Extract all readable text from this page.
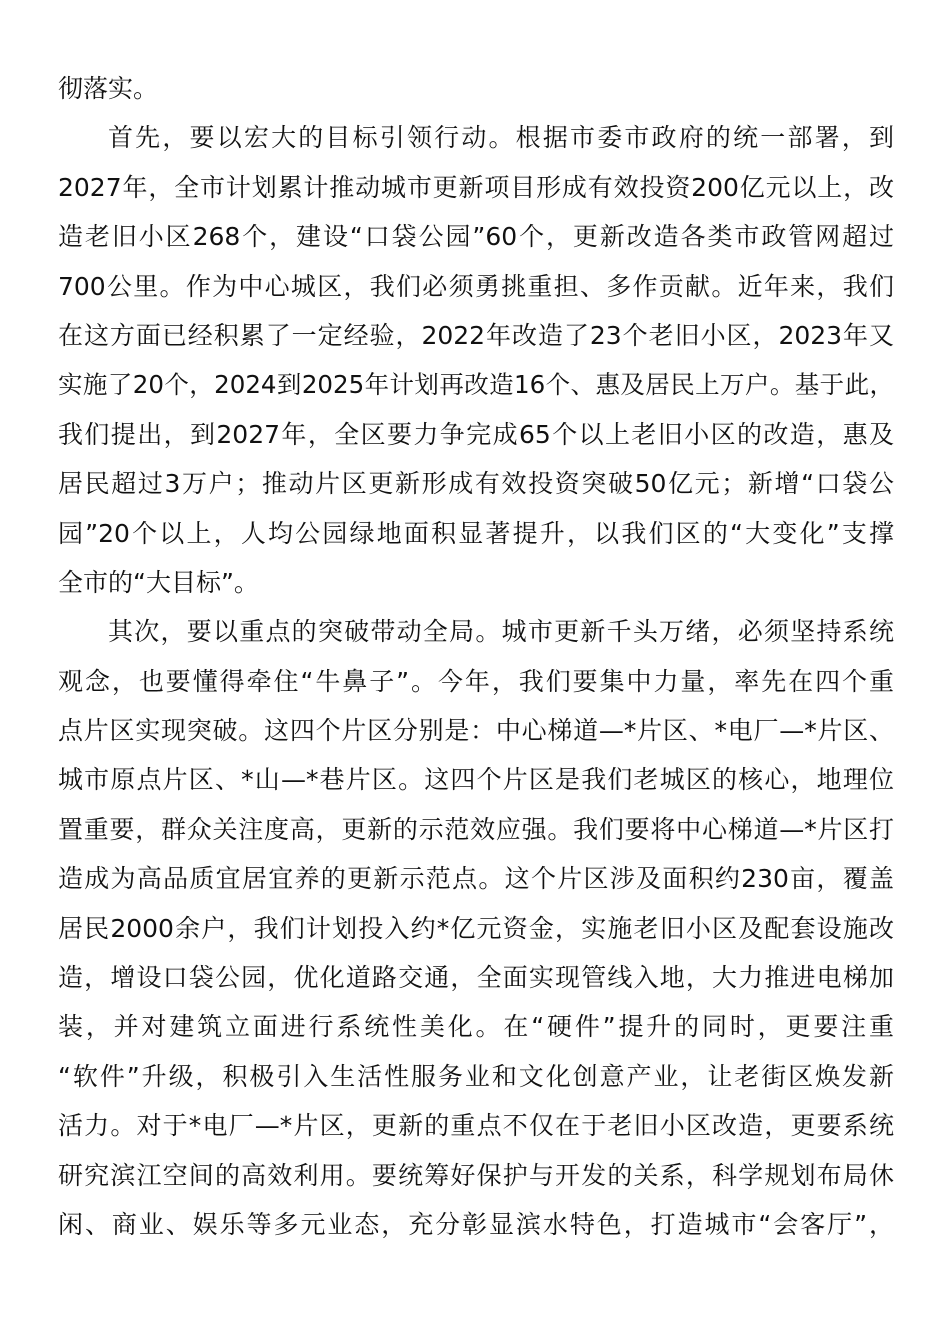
彻落实。
首先，要以宏大的目标引领行动。根据市委市政府的统一部署，到
2027年，全市计划累计推动城市更新项目形成有效投资200亿元以上，改
造老旧小区268个，建设“口袋公园”60个，更新改造各类市政管网超过
700公里。作为中心城区，我们必须勇挑重担、多作贡献。近年来，我们
在这方面已经积累了一定经验，2022年改造了23个老旧小区，2023年又
实施了20个，2024到2025年计划再改造16个、惠及居民上万户。基于此，
我们提出，到2027年，全区要力争完成65个以上老旧小区的改造，惠及
居民超过3万户；推动片区更新形成有效投资突破50亿元；新增“口袋公
园”20个以上，人均公园绿地面积显著提升，以我们区的“大变化”支撑
全市的“大目标”。
其次，要以重点的突破带动全局。城市更新千头万绪，必须坚持系统
观念，也要懂得牵住“牛鼻子”。今年，我们要集中力量，率先在四个重
点片区实现突破。这四个片区分别是：中心梯道—*片区、*电厂—*片区、
城市原点片区、*山—*巷片区。这四个片区是我们老城区的核心，地理位
置重要，群众关注度高，更新的示范效应强。我们要将中心梯道—*片区打
造成为高品质宜居宜养的更新示范点。这个片区涉及面积约230亩，覆盖
居民2000余户，我们计划投入约*亿元资金，实施老旧小区及配套设施改
造，增设口袋公园，优化道路交通，全面实现管线入地，大力推进电梯加
装，并对建筑立面进行系统性美化。在“硬件”提升的同时，更要注重
“软件”升级，积极引入生活性服务业和文化创意产业，让老街区焕发新
活力。对于*电厂—*片区，更新的重点不仅在于老旧小区改造，更要系统
研究滨江空间的高效利用。要统筹好保护与开发的关系，科学规划布局休
闲、商业、娱乐等多元业态，充分彰显滨水特色，打造城市“会客厅”，
